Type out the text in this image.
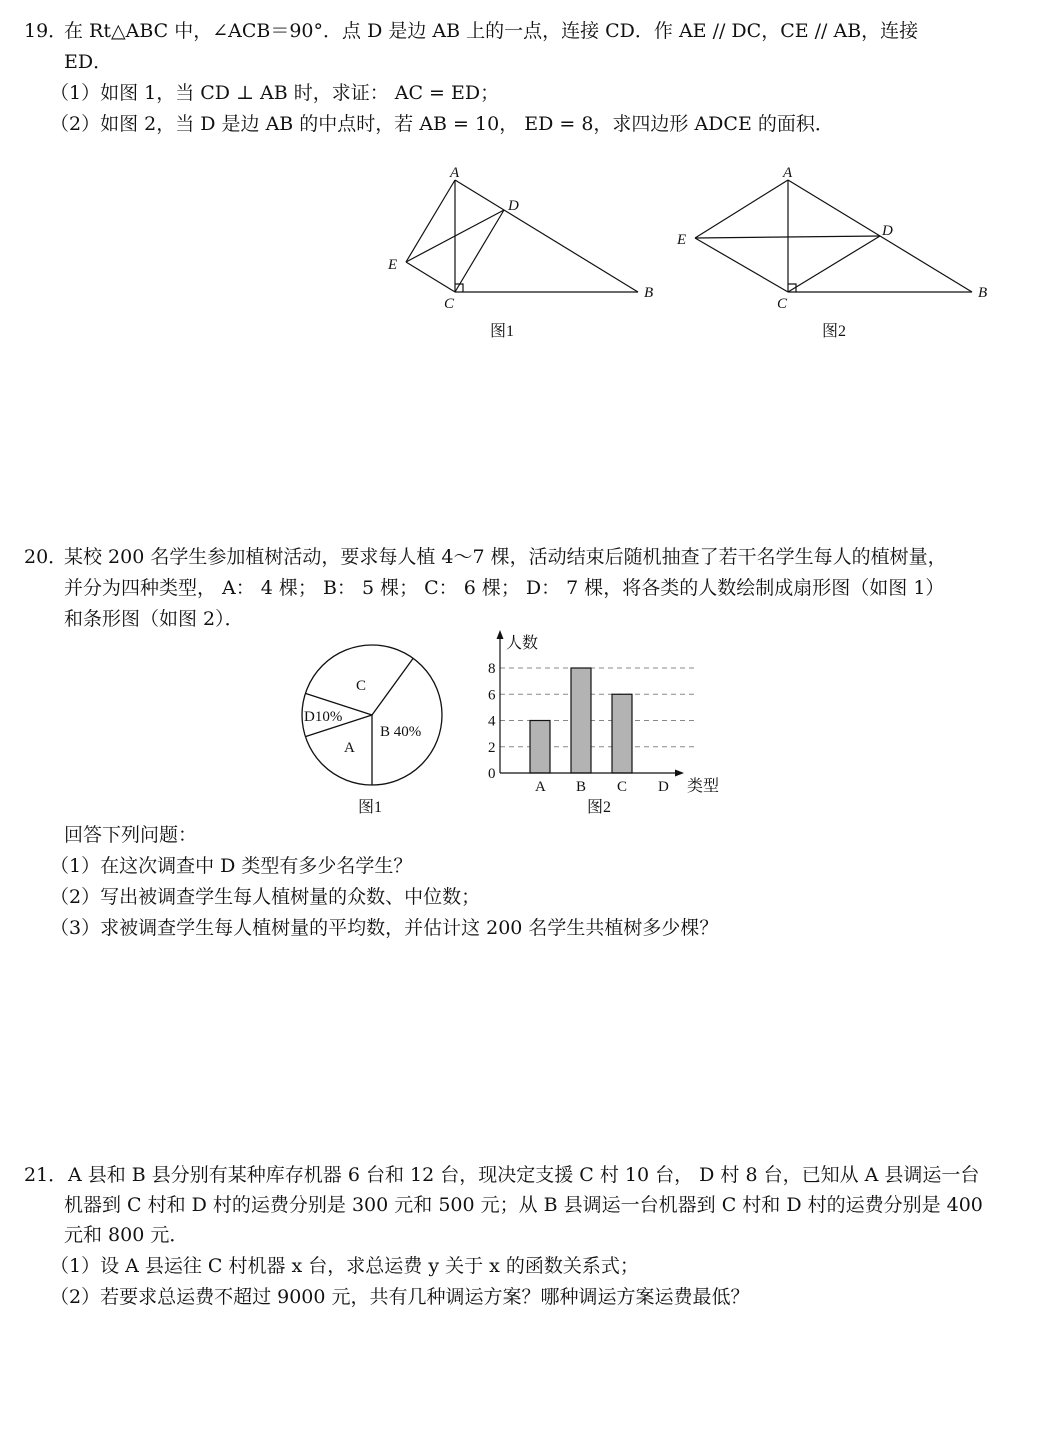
19．
在 Rt△ABC 中，∠ACB＝90°．点 D 是边 AB 上的一点，连接 CD．作 AE // DC，CE // AB，连接
ED．
（1）如图 1，当 CD ⊥ AB 时，求证： AC = ED；
（2）如图 2，当 D 是边 AB 的中点时，若 AB = 10， ED = 8，求四边形 ADCE 的面积．
A
D
E
C
B
图1
A
E
D
C
B
图2
20．
某校 200 名学生参加植树活动，要求每人植 4～7 棵，活动结束后随机抽查了若干名学生每人的植树量，
并分为四种类型， A： 4 棵； B： 5 棵； C： 6 棵； D： 7 棵，将各类的人数绘制成扇形图（如图 1）
和条形图（如图 2）．
C
D10%
A
B 40%
图1
0
2
4
6
8
A B C D
人数
类型
图2
回答下列问题：
（1）在这次调查中 D 类型有多少名学生？
（2）写出被调查学生每人植树量的众数、中位数；
（3）求被调查学生每人植树量的平均数，并估计这 200 名学生共植树多少棵？
21． A 县和 B 县分别有某种库存机器 6 台和 12 台，现决定支援 C 村 10 台， D 村 8 台，已知从 A 县调运一台
机器到 C 村和 D 村的运费分别是 300 元和 500 元；从 B 县调运一台机器到 C 村和 D 村的运费分别是 400
元和 800 元．
（1）设 A 县运往 C 村机器 x 台，求总运费 y 关于 x 的函数关系式；
（2）若要求总运费不超过 9000 元，共有几种调运方案？哪种调运方案运费最低？
